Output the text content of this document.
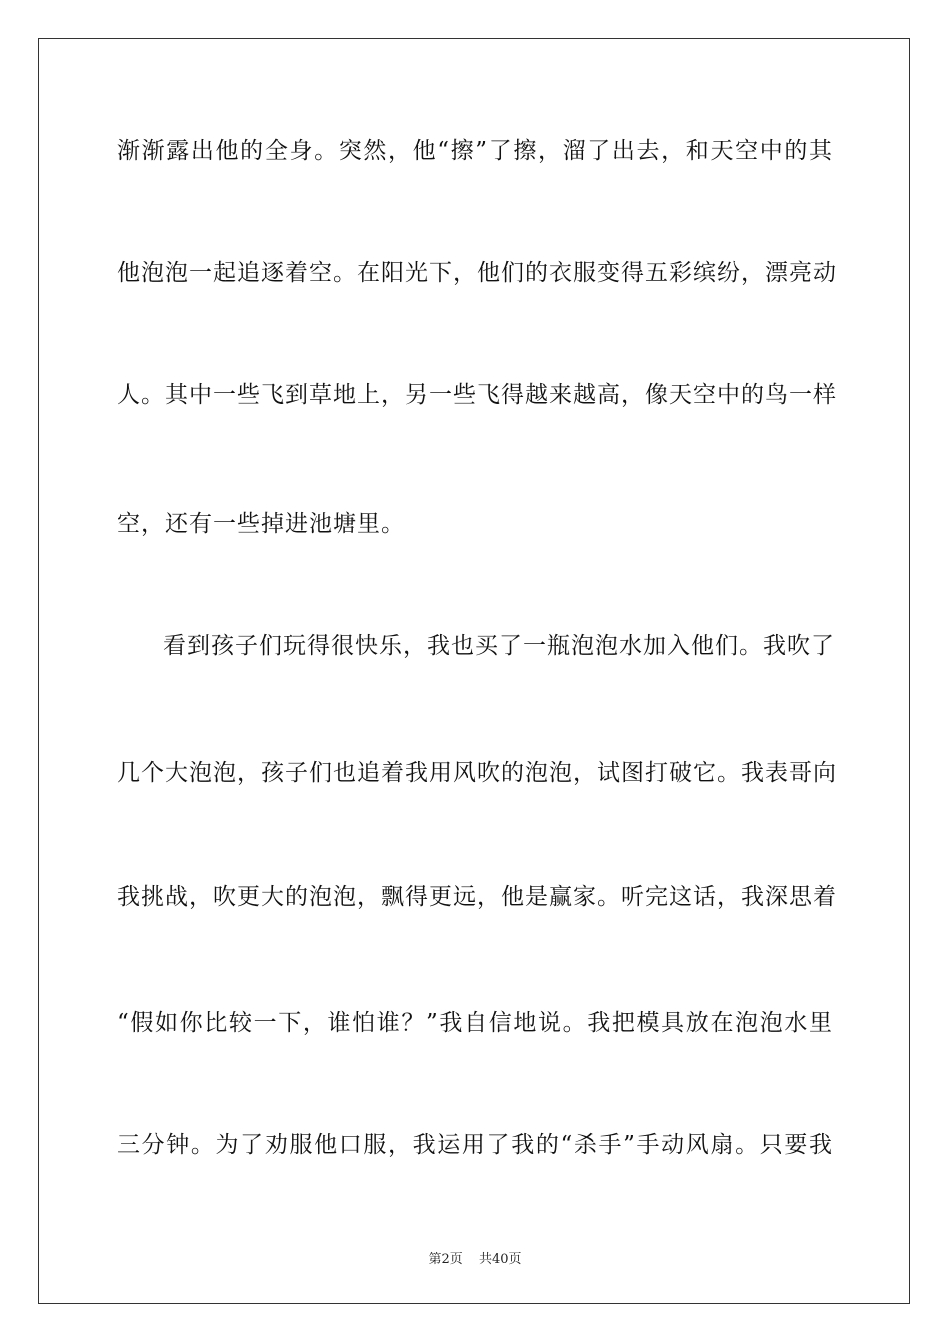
渐渐露出他的全身。突然，他“擦”了擦，溜了出去，和天空中的其
他泡泡一起追逐着空。在阳光下，他们的衣服变得五彩缤纷，漂亮动
人。其中一些飞到草地上，另一些飞得越来越高，像天空中的鸟一样
空，还有一些掉进池塘里。
看到孩子们玩得很快乐，我也买了一瓶泡泡水加入他们。我吹了
几个大泡泡，孩子们也追着我用风吹的泡泡，试图打破它。我表哥向
我挑战，吹更大的泡泡，飘得更远，他是赢家。听完这话，我深思着
“假如你比较一下，谁怕谁？”我自信地说。我把模具放在泡泡水里
三分钟。为了劝服他口服，我运用了我的“杀手”手动风扇。只要我
第2页 共40页
